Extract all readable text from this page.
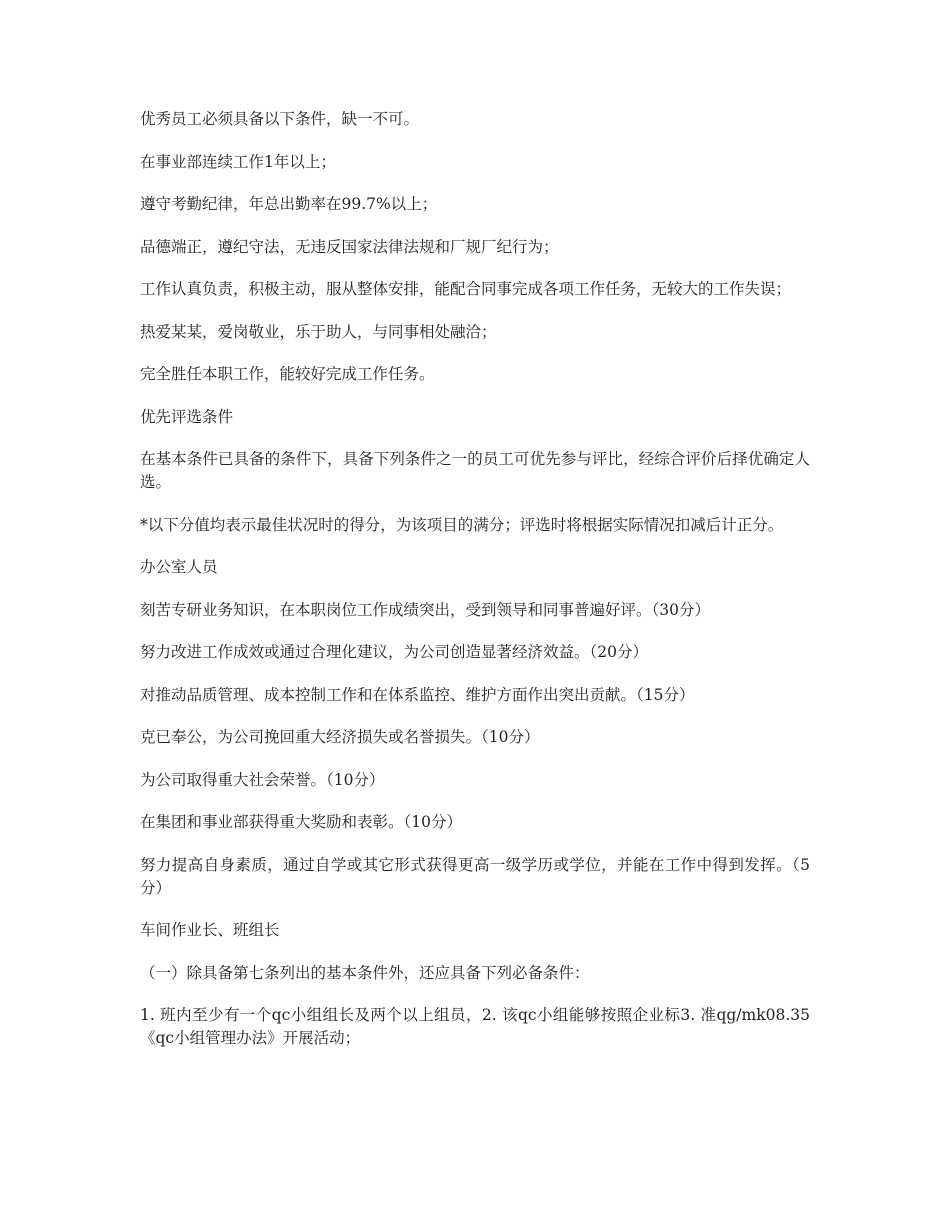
优秀员工必须具备以下条件，缺一不可。

在事业部连续工作1年以上；

遵守考勤纪律，年总出勤率在99.7%以上；

品德端正，遵纪守法，无违反国家法律法规和厂规厂纪行为；

工作认真负责，积极主动，服从整体安排，能配合同事完成各项工作任务，无较大的工作失误；

热爱某某，爱岗敬业，乐于助人，与同事相处融洽；

完全胜任本职工作，能较好完成工作任务。

优先评选条件

在基本条件已具备的条件下，具备下列条件之一的员工可优先参与评比，经综合评价后择优确定人选。

*以下分值均表示最佳状况时的得分，为该项目的满分；评选时将根据实际情况扣减后计正分。

办公室人员

刻苦专研业务知识，在本职岗位工作成绩突出，受到领导和同事普遍好评。（30分）

努力改进工作成效或通过合理化建议，为公司创造显著经济效益。（20分）

对推动品质管理、成本控制工作和在体系监控、维护方面作出突出贡献。（15分）

克已奉公，为公司挽回重大经济损失或名誉损失。（10分）

为公司取得重大社会荣誉。（10分）

在集团和事业部获得重大奖励和表彰。（10分）

努力提高自身素质，通过自学或其它形式获得更高一级学历或学位，并能在工作中得到发挥。（5分）

车间作业长、班组长

（一）除具备第七条列出的基本条件外，还应具备下列必备条件：

1. 班内至少有一个qc小组组长及两个以上组员，2. 该qc小组能够按照企业标3. 准qg/mk08.35《qc小组管理办法》开展活动；
